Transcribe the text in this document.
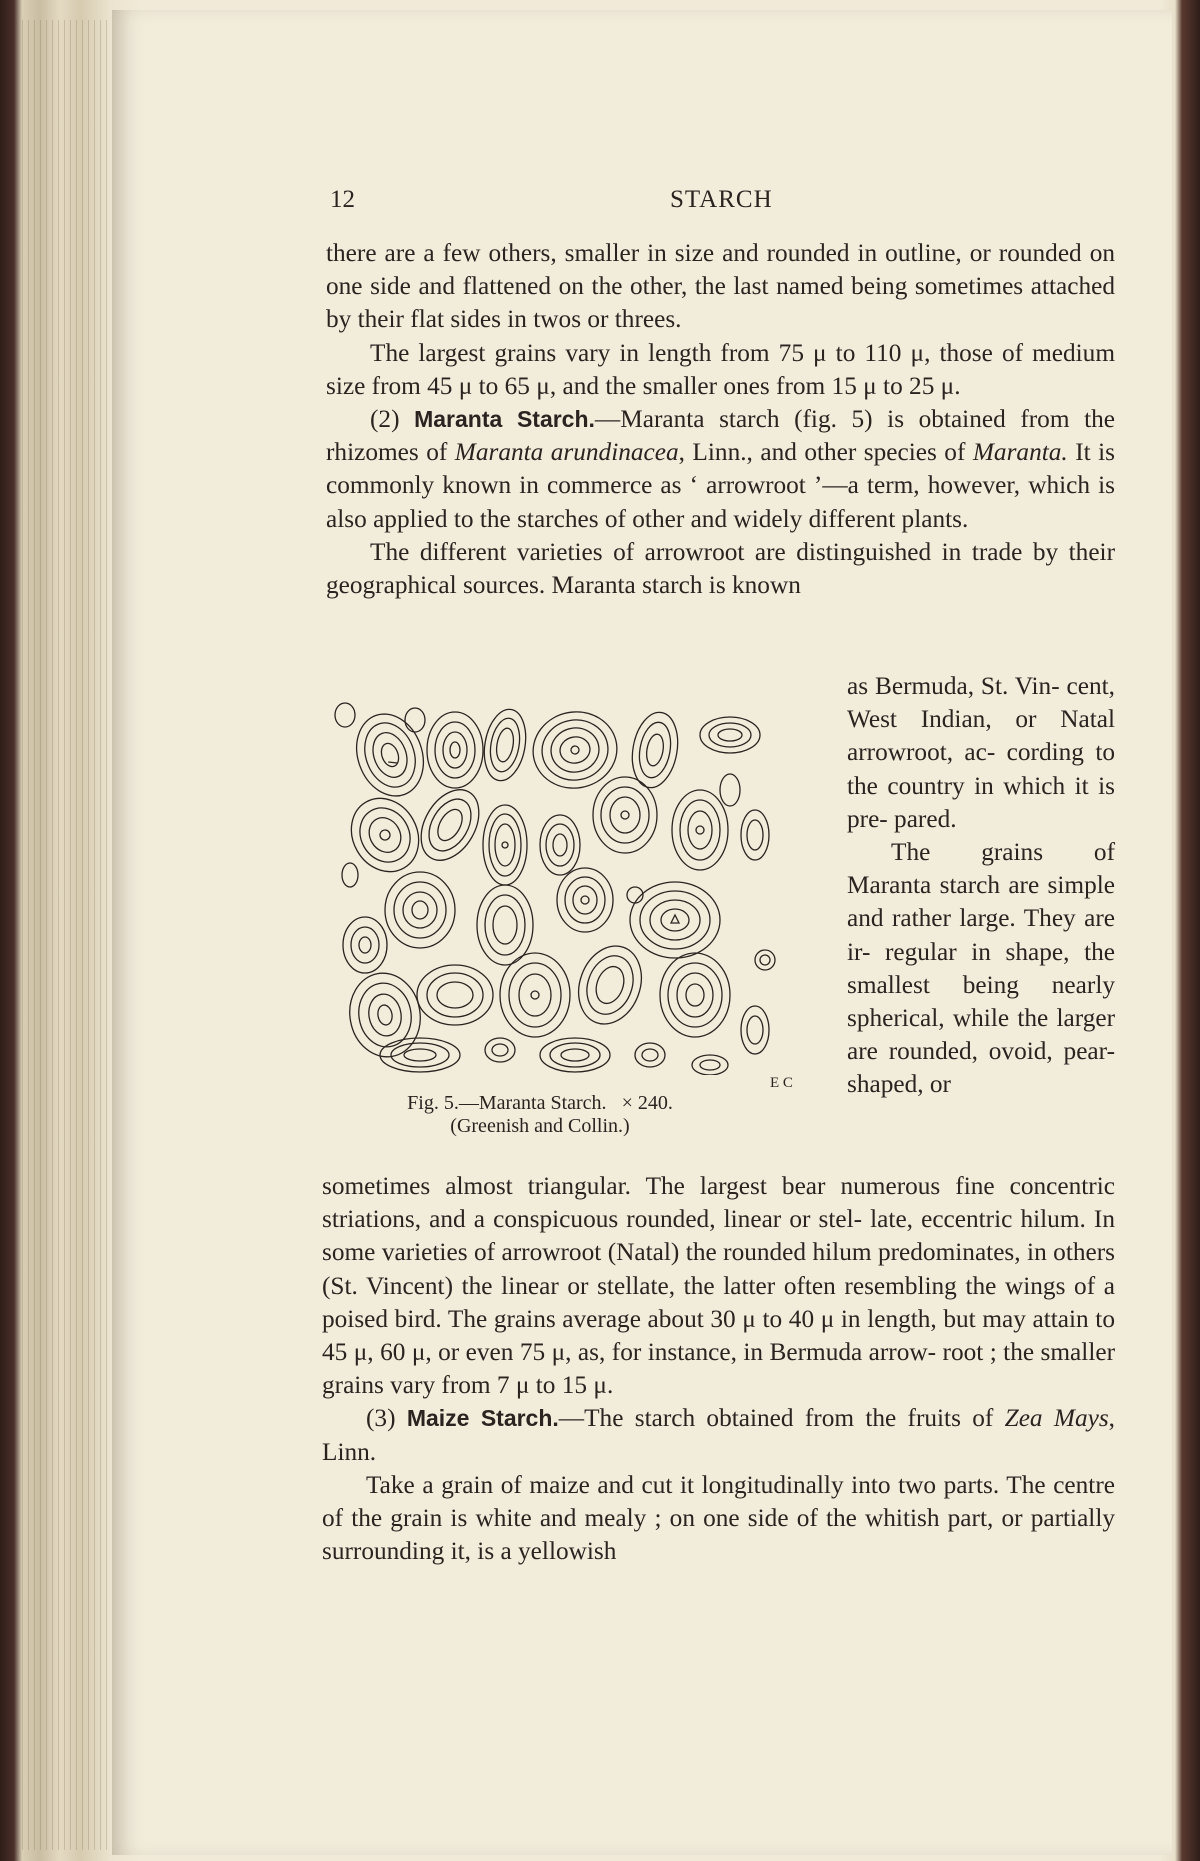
12	STARCH

there are a few others, smaller in size and rounded in outline, or rounded on one side and flattened on the other, the last named being sometimes attached by their flat sides in twos or threes.

The largest grains vary in length from 75 μ to 110 μ, those of medium size from 45 μ to 65 μ, and the smaller ones from 15 μ to 25 μ.

(2) Maranta Starch.—Maranta starch (fig. 5) is obtained from the rhizomes of Maranta arundinacea, Linn., and other species of Maranta. It is commonly known in commerce as ‘ arrowroot ’—a term, however, which is also applied to the starches of other and widely different plants.

The different varieties of arrowroot are distinguished in trade by their geographical sources. Maranta starch is known

as Bermuda, St. Vin- cent, West Indian, or Natal arrowroot, ac- cording to the country in which it is pre- pared.

The grains of Maranta starch are simple and rather large. They are ir- regular in shape, the smallest being nearly spherical, while the larger are rounded, ovoid, pear-shaped, or

Fig. 5.—Maranta Starch. × 240.
(Greenish and Collin.)
E C

sometimes almost triangular. The largest bear numerous fine concentric striations, and a conspicuous rounded, linear or stel- late, eccentric hilum. In some varieties of arrowroot (Natal) the rounded hilum predominates, in others (St. Vincent) the linear or stellate, the latter often resembling the wings of a poised bird. The grains average about 30 μ to 40 μ in length, but may attain to 45 μ, 60 μ, or even 75 μ, as, for instance, in Bermuda arrow- root ; the smaller grains vary from 7 μ to 15 μ.

(3) Maize Starch.—The starch obtained from the fruits of Zea Mays, Linn.

Take a grain of maize and cut it longitudinally into two parts. The centre of the grain is white and mealy ; on one side of the whitish part, or partially surrounding it, is a yellowish
